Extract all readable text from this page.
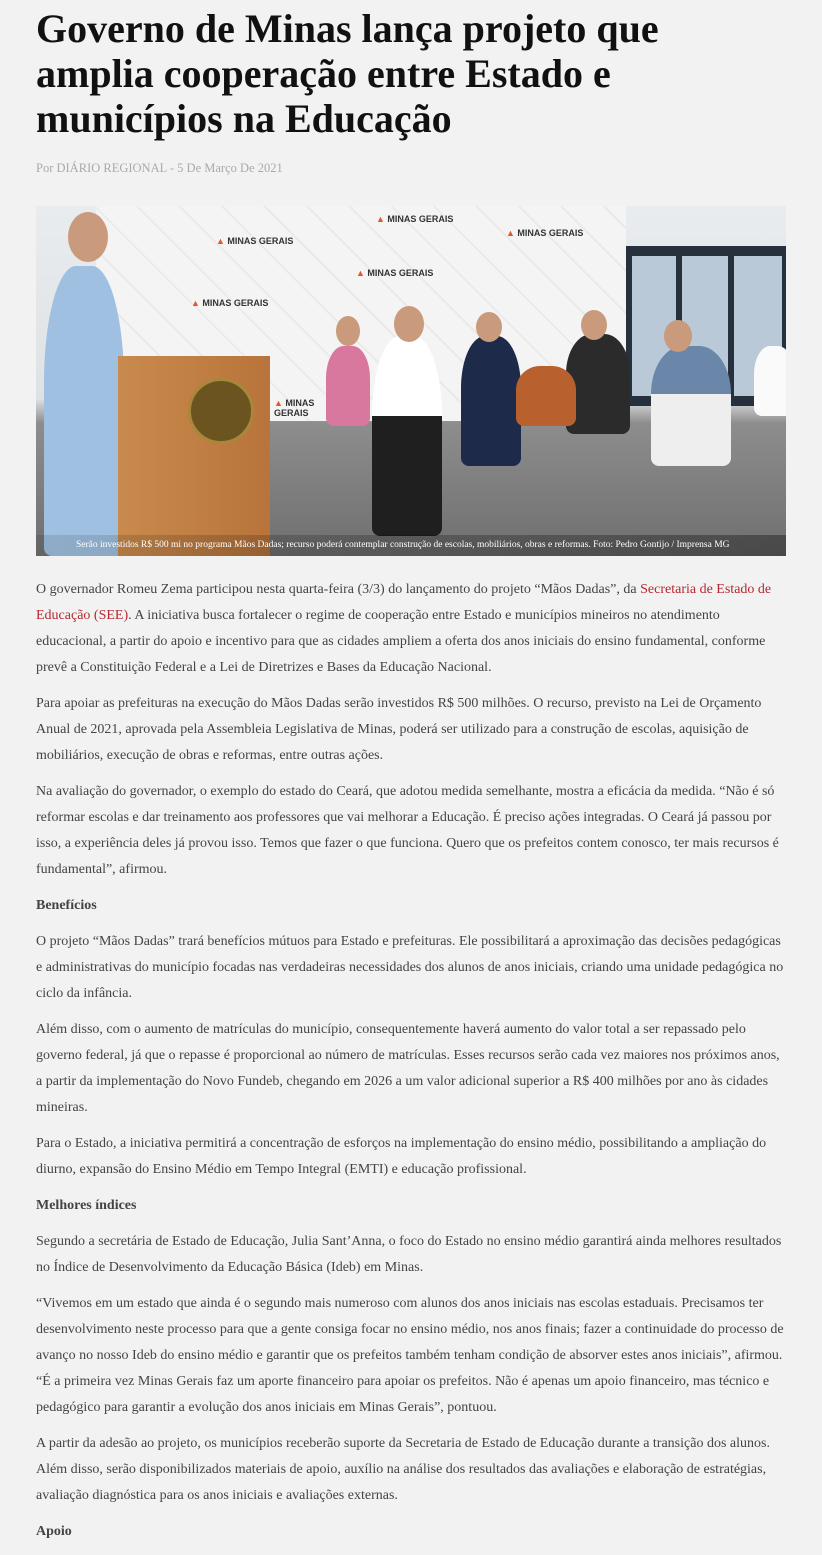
Governo de Minas lança projeto que amplia cooperação entre Estado e municípios na Educação
Por DIÁRIO REGIONAL - 5 De Março De 2021
▲ MINAS GERAIS
▲ MINAS GERAIS
▲ MINAS GERAIS
▲ MINAS GERAIS
▲ MINAS GERAIS
▲ MINAS GERAIS
Serão investidos R$ 500 mi no programa Mãos Dadas; recurso poderá contemplar construção de escolas, mobiliários, obras e reformas. Foto: Pedro Gontijo / Imprensa MG

O governador Romeu Zema participou nesta quarta-feira (3/3) do lançamento do projeto “Mãos Dadas”, da Secretaria de Estado de Educação (SEE). A iniciativa busca fortalecer o regime de cooperação entre Estado e municípios mineiros no atendimento educacional, a partir do apoio e incentivo para que as cidades ampliem a oferta dos anos iniciais do ensino fundamental, conforme prevê a Constituição Federal e a Lei de Diretrizes e Bases da Educação Nacional.

Para apoiar as prefeituras na execução do Mãos Dadas serão investidos R$ 500 milhões. O recurso, previsto na Lei de Orçamento Anual de 2021, aprovada pela Assembleia Legislativa de Minas, poderá ser utilizado para a construção de escolas, aquisição de mobiliários, execução de obras e reformas, entre outras ações.

Na avaliação do governador, o exemplo do estado do Ceará, que adotou medida semelhante, mostra a eficácia da medida. “Não é só reformar escolas e dar treinamento aos professores que vai melhorar a Educação. É preciso ações integradas. O Ceará já passou por isso, a experiência deles já provou isso. Temos que fazer o que funciona. Quero que os prefeitos contem conosco, ter mais recursos é fundamental”, afirmou.

Benefícios

O projeto “Mãos Dadas” trará benefícios mútuos para Estado e prefeituras. Ele possibilitará a aproximação das decisões pedagógicas e administrativas do município focadas nas verdadeiras necessidades dos alunos de anos iniciais, criando uma unidade pedagógica no ciclo da infância.

Além disso, com o aumento de matrículas do município, consequentemente haverá aumento do valor total a ser repassado pelo governo federal, já que o repasse é proporcional ao número de matrículas. Esses recursos serão cada vez maiores nos próximos anos, a partir da implementação do Novo Fundeb, chegando em 2026 a um valor adicional superior a R$ 400 milhões por ano às cidades mineiras.

Para o Estado, a iniciativa permitirá a concentração de esforços na implementação do ensino médio, possibilitando a ampliação do diurno, expansão do Ensino Médio em Tempo Integral (EMTI) e educação profissional.

Melhores índices

Segundo a secretária de Estado de Educação, Julia Sant’Anna, o foco do Estado no ensino médio garantirá ainda melhores resultados no Índice de Desenvolvimento da Educação Básica (Ideb) em Minas.

“Vivemos em um estado que ainda é o segundo mais numeroso com alunos dos anos iniciais nas escolas estaduais. Precisamos ter desenvolvimento neste processo para que a gente consiga focar no ensino médio, nos anos finais; fazer a continuidade do processo de avanço no nosso Ideb do ensino médio e garantir que os prefeitos também tenham condição de absorver estes anos iniciais”, afirmou. “É a primeira vez Minas Gerais faz um aporte financeiro para apoiar os prefeitos. Não é apenas um apoio financeiro, mas técnico e pedagógico para garantir a evolução dos anos iniciais em Minas Gerais”, pontuou.

A partir da adesão ao projeto, os municípios receberão suporte da Secretaria de Estado de Educação durante a transição dos alunos. Além disso, serão disponibilizados materiais de apoio, auxílio na análise dos resultados das avaliações e elaboração de estratégias, avaliação diagnóstica para os anos iniciais e avaliações externas.

Apoio
